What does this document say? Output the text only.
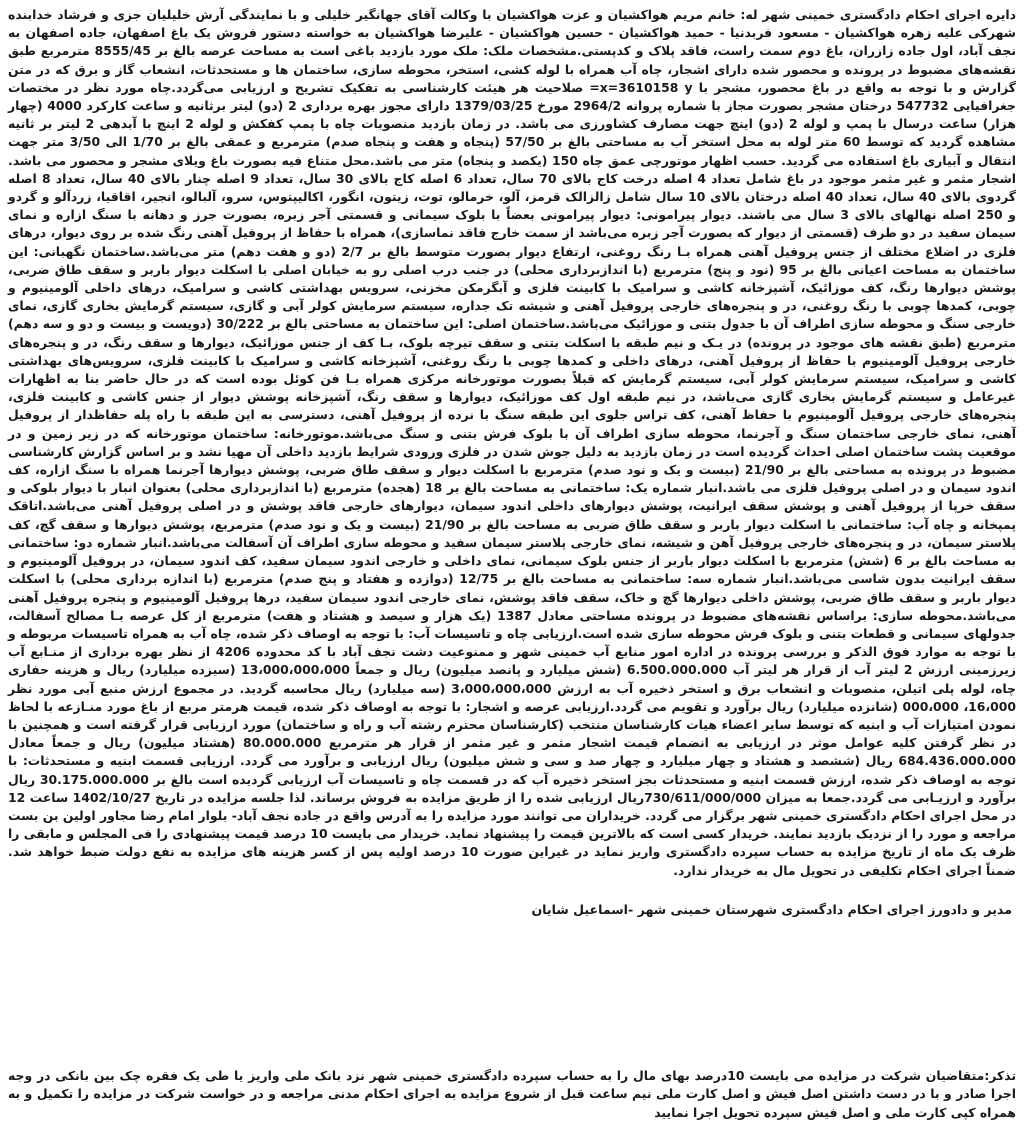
دایره اجرای احکام دادگستری خمینی شهر له: خانم مریم هواکشیان و عزت هواکشیان با وکالت آقای جهانگیر خلیلی و با نمایندگی آرش خلیلیان جزی و فرشاد خدابنده شهرکی علیه زهره هواکشیان - مسعود فربدنیا - حمید هواکشیان - حسین هواکشیان - علیرضا هواکشیان به خواسته دستور فروش یک باغ اصفهان، جاده اصفهان به نجف آباد، اول جاده زازران، باغ دوم سمت راست، فاقد پلاک و کدپستی.مشخصات ملک: ملک مورد بازدید باغی است به مساحت عرصه بالغ بر 8555/45 مترمربع طبق نقشه‌های مضبوط در پرونده و محصور شده دارای اشجار، چاه آب همراه با لوله کشی، استخر، محوطه سازی، ساختمان ها و مستحدثات، انشعاب گاز و برق که در متن گزارش و با توجه به واقع در باغ محصور، مشجر با x=3610158 y= صلاحیت هر هیئت کارشناسی به تفکیک تشریح و ارزیابی می‌گردد.چاه مورد نظر در مختصات جغرافیایی 547732 درختان مشجر بصورت مجاز با شماره پروانه 2964/2 مورخ 1379/03/25 دارای مجوز بهره برداری 2 (دو) لیتر برثانیه و ساعت کارکرد 4000 (چهار هزار) ساعت درسال با پمپ و لوله 2 (دو) اینچ جهت مصارف کشاورزی می باشد. در زمان بازدید منصوبات چاه با پمپ کفکش و لوله 2 اینچ با آبدهی 2 لیتر بر ثانیه مشاهده گردید که توسط 60 متر لوله به محل استخر آب به مساحتی بالغ بر 57/50 (پنجاه و هفت و پنجاه صدم) مترمربع و عمقی بالغ بر 1/70 الی 3/50 متر جهت انتقال و آبیاری باغ استفاده می گردید. حسب اظهار موتورچی عمق چاه 150 (یکصد و پنجاه) متر می باشد.محل متناع فیه بصورت باغ ویلای مشجر و محصور می باشد. اشجار مثمر و غیر مثمر موجود در باغ شامل تعداد 4 اصله درخت کاج بالای 70 سال، تعداد 6 اصله کاج بالای 30 سال، تعداد 9 اصله چنار بالای 40 سال، تعداد 8 اصله گردوی بالای 40 سال، تعداد 40 اصله درختان بالای 10 سال شامل زالزالک قرمز، آلو، خرمالو، توت، زیتون، انگور، اکالیپتوس، سرو، آلبالو، انجیر، اقاقیا، زردآلو و گردو و 250 اصله نهالهای بالای 3 سال می باشند. دیوار پیرامونی: دیوار پیرامونی بعضاً با بلوک سیمانی و قسمتی آجر زبره، بصورت جرز و دهانه با سنگ ازاره و نمای سیمان سفید در دو طرف (قسمتی از دیوار که بصورت آجر زبره می‌باشد از سمت خارج فاقد نماسازی)، همراه با حفاظ از پروفیل آهنی رنگ شده بر روی دیوار، درهای فلزی در اضلاع مختلف از جنس پروفیل آهنی همراه بـا رنگ روغنی، ارتفاع دیوار بصورت متوسط بالغ بر 2/7 (دو و هفت دهم) متر می‌باشد.ساختمان نگهبانی: این ساختمان به مساحت اعیانی بالغ بر 95 (نود و پنج) مترمربع (با اندازبرداری محلی) در جنب درب اصلی رو به خیابان اصلی با اسکلت دیوار باربر و سقف طاق ضربی، پوشش دیوارها رنگ، کف موزائیک، آشپزخانه کاشی و سرامیک با کابینت فلزی و آبگرمکن مخزنی، سرویس بهداشتی کاشی و سرامیک، درهای داخلی آلومینیوم و چوبی، کمدها چوبی با رنگ روغنی، در و پنجره‌های خارجی پروفیل آهنی و شیشه تک جداره، سیستم سرمایش کولر آبی و گازی، سیستم گرمایش بخاری گازی، نمای خارجی سنگ و محوطه سازی اطراف آن با جدول بتنی و موزائیک می‌باشد.ساختمان اصلی: این ساختمان به مساحتی بالغ بر 30/222 (دویست و بیست و دو و سه دهم) مترمربع (طبق نقشه های موجود در پرونده) در یـک و نیم طبقه با اسکلت بتنی و سقف تیرچه بلوک، بـا کف از جنس موزائیک، دیوارها و سقف رنگ، در و پنجره‌های خارجی پروفیل آلومینیوم با حفاظ از پروفیل آهنی، درهای داخلی و کمدها چوبی با رنگ روغنی، آشپزخانه کاشی و سرامیک با کابینت فلزی، سرویس‌های بهداشتی کاشی و سرامیک، سیستم سرمایش کولر آبی، سیستم گرمایش که قبلاً بصورت موتورخانه مرکزی همراه بـا فن کوئل بوده است که در حال حاضر بنا به اظهارات غیرعامل و سیستم گرمایش بخاری گازی می‌باشد، در نیم طبقه اول کف موزائیک، دیوارها و سقف رنگ، آشپزخانه پوشش دیوار از جنس کاشی و کابینت فلزی، پنجره‌های خارجی پروفیل آلومینیوم با حفاظ آهنی، کف تراس جلوی این طبقه سنگ با نرده از پروفیل آهنی، دسترسی به این طبقه با راه پله حفاظدار از پروفیل آهنی، نمای خارجی ساختمان سنگ و آجرنما، محوطه سازی اطراف آن با بلوک فرش بتنی و سنگ می‌باشد.موتورخانه: ساختمان موتورخانه که در زیر زمین و در موقعیت پشت ساختمان اصلی احداث گردیده است در زمان بازدید به دلیل جوش شدن در فلزی ورودی شرایط بازدید داخلی آن مهیا نشد و بر اساس گزارش کارشناسی مضبوط در پرونده به مساحتی بالغ بر 21/90 (بیست و یک و نود صدم) مترمربع با اسکلت دیوار و سقف طاق ضربی، پوشش دیوارها آجرنما همراه با سنگ ازاره، کف اندود سیمان و در اصلی پروفیل فلزی می باشد.انبار شماره یک: ساختمانی به مساحت بالغ بر 18 (هجده) مترمربع (با اندازبرداری محلی) بعنوان انبار با دیوار بلوکی و سقف خرپا از پروفیل آهنی و پوشش سقف ایرانیت، پوشش دیوارهای داخلی اندود سیمان، دیوارهای خارجی فاقد پوشش و در اصلی پروفیل آهنی می‌باشد.اتاقک پمپخانه و چاه آب: ساختمانی با اسکلت دیوار باربر و سقف طاق ضربی به مساحت بالغ بر 21/90 (بیست و یک و نود صدم) مترمربع، پوشش دیوارها و سقف گچ، کف پلاستر سیمان، در و پنجره‌های خارجی پروفیل آهن و شیشه، نمای خارجی پلاستر سیمان سفید و محوطه سازی اطراف آن آسفالت می‌باشد.انبار شماره دو: ساختمانی به مساحت بالغ بر 6 (شش) مترمربع با اسکلت دیوار باربر از جنس بلوک سیمانی، نمای داخلی و خارجی اندود سیمان سفید، کف اندود سیمان، در پروفیل آلومینیوم و سقف ایرانیت بدون شاسی می‌باشد.انبار شماره سه: ساختمانی به مساحت بالغ بر 12/75 (دوازده و هفتاد و پنج صدم) مترمربع (با اندازه برداری محلی) با اسکلت دیوار باربر و سقف طاق ضربی، پوشش داخلی دیوارها گچ و خاک، سقف فاقد پوشش، نمای خارجی اندود سیمان سفید، درها پروفیل آلومینیوم و پنجره پروفیل آهنی می‌باشد.محوطه سازی: براساس نقشه‌های مضبوط در پرونده مساحتی معادل 1387 (یک هزار و سیصد و هشتاد و هفت) مترمربع از کل عرصه بـا مصالح آسفالت، جدولهای سیمانی و قطعات بتنی و بلوک فرش محوطه سازی شده است.ارزیابی چاه و تاسیسات آب: با توجه به اوصاف ذکر شده، چاه آب به همراه تاسیسات مربوطه و با توجه به موارد فوق الذکر و بررسی پرونده در اداره امور منابع آب خمینی شهر و ممنوعیت دشت نجف آباد با کد محدوده 4206 از نظر بهره برداری از منـابع آب زیرزمینی ارزش 2 لیتر آب از قرار هر لیتر آب 6.500.000.000 (شش میلیارد و پانصد میلیون) ریال و جمعاً 13،000،000،000 (سیزده میلیارد) ریال و هزینه حفاری چاه، لوله پلی اتیلن، منصوبات و انشعاب برق و استخر ذخیره آب به ارزش 3،000،000،000 (سه میلیارد) ریال محاسبه گردید. در مجموع ارزش منبع آبی مورد نظر 16،000، 000،000 (شانزده میلیارد) ریال برآورد و تقویم می گردد.ارزیابی عرصه و اشجار: با توجه به اوصاف ذکر شده، قیمت هرمتر مربع از باغ مورد منـازعه با لحاظ نمودن امتیازات آب و ابنیه که توسط سایر اعضاء هیات کارشناسان منتخب (کارشناسان محترم رشته آب و راه و ساختمان) مورد ارزیابی قرار گرفته است و همچنین با در نظر گرفتن کلیه عوامل موثر در ارزیابی به انضمام قیمت اشجار مثمر و غیر مثمر از قرار هر مترمربع 80.000.000 (هشتاد میلیون) ریال و جمعاً معادل 684.436.000.000 ریال (ششصد و هشتاد و چهار میلیارد و چهار صد و سی و شش میلیون) ریال ارزیابی و برآورد می گردد. ارزیابی قسمت ابنیه و مستحدثات: با توجه به اوصاف ذکر شده، ارزش قسمت ابنیه و مستحدثات بجز استخر ذخیره آب که در قسمت چاه و تاسیسات آب ارزیابی گردیده است بالغ بر 30.175.000.000 ریال برآورد و ارزیـابی می گردد.جمعا به میزان 730/611/000/000ریال ارزیابی شده را از طریق مزایده به فروش برساند. لذا جلسه مزایده در تاریخ 1402/10/27 ساعت 12 در محل اجرای احکام دادگستری خمینی شهر برگزار می گردد. خریداران می توانند مورد مزایده را به آدرس واقع در جاده نجف آباد- بلوار امام رضا مجاور اولین بن بست مراجعه و مورد را از نزدیک بازدید نمایند. خریدار کسی است که بالاترین قیمت را پیشنهاد نماید. خریدار می بایست 10 درصد قیمت پیشنهادی را فی المجلس و مابقی را ظرف یک ماه از تاریخ مزایده به حساب سپرده دادگستری واریز نماید در غیراین صورت 10 درصد اولیه پس از کسر هزینه های مزایده به نفع دولت ضبط خواهد شد. ضمناً اجرای احکام تکلیفی در تحویل مال به خریدار ندارد.

مدیر و دادورز اجرای احکام دادگستری شهرستان خمینی شهر -اسماعیل شایان
تذکر:متقاضیان شرکت در مزایده می بایست 10درصد بهای مال را به حساب سپرده دادگستری خمینی شهر نزد بانک ملی واریز یا طی یک فقره چک بین بانکی در وجه اجرا صادر و با در دست داشتن اصل فیش و اصل کارت ملی نیم ساعت قبل از شروع مزایده به اجرای احکام مدنی مراجعه و در خواست شرکت در مزایده را تکمیل و به همراه کپی کارت ملی و اصل فیش سپرده تحویل اجرا نمایید
